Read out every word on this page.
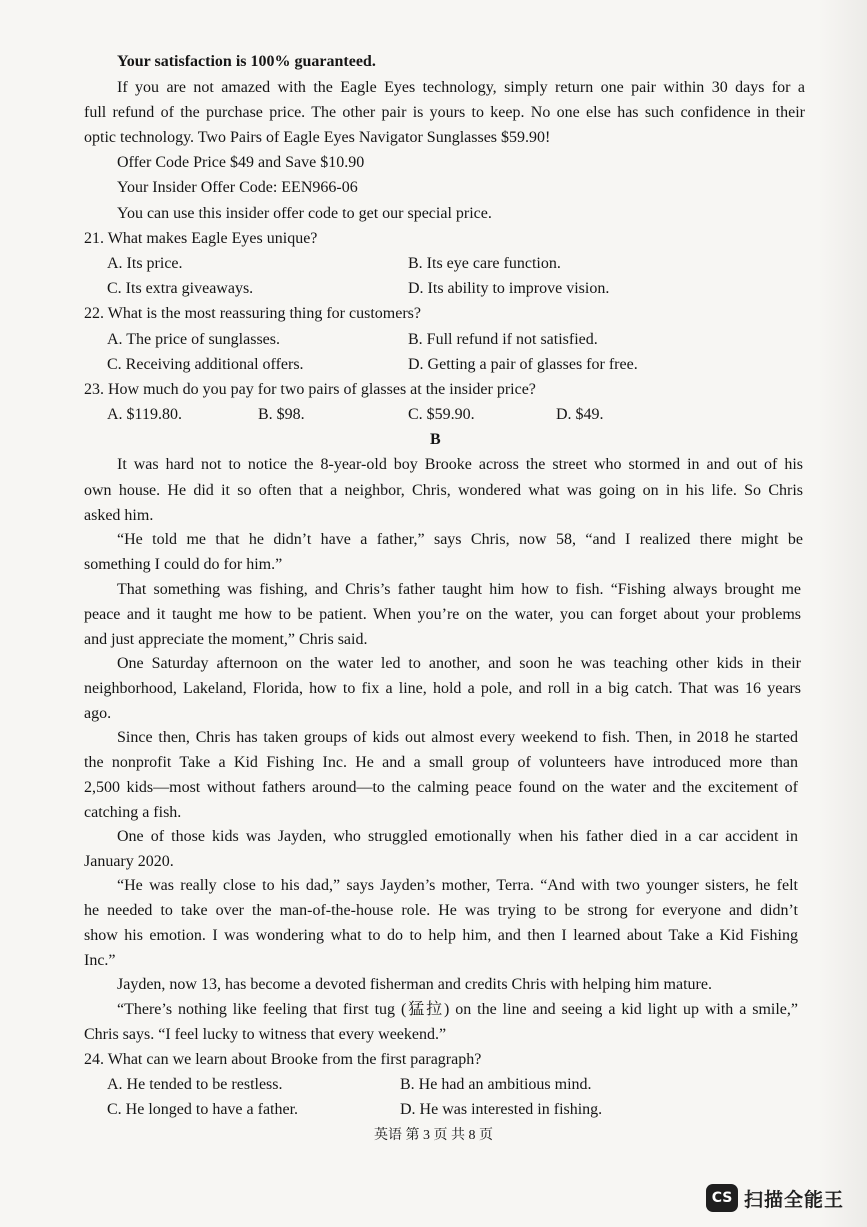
Your satisfaction is 100% guaranteed.
If you are not amazed with the Eagle Eyes technology, simply return one pair within 30 days for a
full refund of the purchase price. The other pair is yours to keep. No one else has such confidence in their
optic technology. Two Pairs of Eagle Eyes Navigator Sunglasses $59.90!
Offer Code Price $49 and Save $10.90
Your Insider Offer Code: EEN966-06
You can use this insider offer code to get our special price.
21. What makes Eagle Eyes unique?
A. Its price.	B. Its eye care function.
C. Its extra giveaways.	D. Its ability to improve vision.
22. What is the most reassuring thing for customers?
A. The price of sunglasses.	B. Full refund if not satisfied.
C. Receiving additional offers.	D. Getting a pair of glasses for free.
23. How much do you pay for two pairs of glasses at the insider price?
A. $119.80.	B. $98.	C. $59.90.	D. $49.
B
It was hard not to notice the 8-year-old boy Brooke across the street who stormed in and out of his
own house. He did it so often that a neighbor, Chris, wondered what was going on in his life. So Chris
asked him.
“He told me that he didn’t have a father,” says Chris, now 58, “and I realized there might be
something I could do for him.”
That something was fishing, and Chris’s father taught him how to fish. “Fishing always brought me
peace and it taught me how to be patient. When you’re on the water, you can forget about your problems
and just appreciate the moment,” Chris said.
One Saturday afternoon on the water led to another, and soon he was teaching other kids in their
neighborhood, Lakeland, Florida, how to fix a line, hold a pole, and roll in a big catch. That was 16 years
ago.
Since then, Chris has taken groups of kids out almost every weekend to fish. Then, in 2018 he started
the nonprofit Take a Kid Fishing Inc. He and a small group of volunteers have introduced more than
2,500 kids—most without fathers around—to the calming peace found on the water and the excitement of
catching a fish.
One of those kids was Jayden, who struggled emotionally when his father died in a car accident in
January 2020.
“He was really close to his dad,” says Jayden’s mother, Terra. “And with two younger sisters, he felt
he needed to take over the man-of-the-house role. He was trying to be strong for everyone and didn’t
show his emotion. I was wondering what to do to help him, and then I learned about Take a Kid Fishing
Inc.”
Jayden, now 13, has become a devoted fisherman and credits Chris with helping him mature.
“There’s nothing like feeling that first tug (猛拉) on the line and seeing a kid light up with a smile,”
Chris says. “I feel lucky to witness that every weekend.”
24. What can we learn about Brooke from the first paragraph?
A. He tended to be restless.	B. He had an ambitious mind.
C. He longed to have a father.	D. He was interested in fishing.
英语 第 3 页 共 8 页
CS 扫描全能王
